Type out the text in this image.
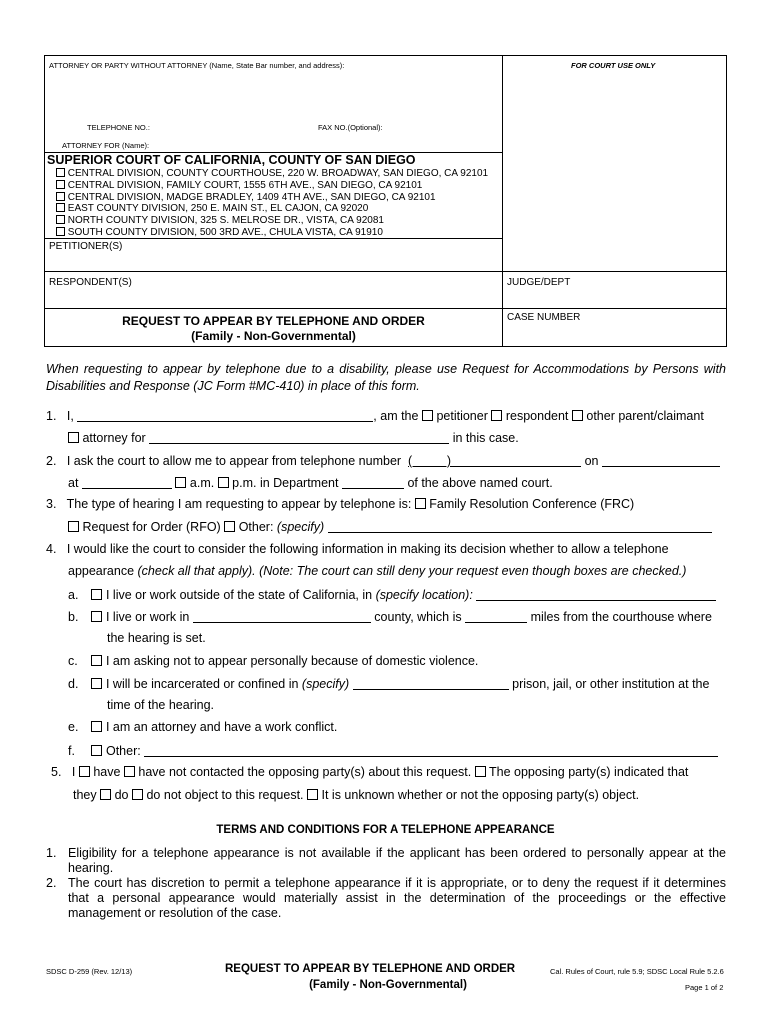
ATTORNEY OR PARTY WITHOUT ATTORNEY (Name, State Bar number, and address):	FOR COURT USE ONLY
TELEPHONE NO.:	FAX NO.(Optional):
ATTORNEY FOR (Name):
SUPERIOR COURT OF CALIFORNIA, COUNTY OF SAN DIEGO
CENTRAL DIVISION, COUNTY COURTHOUSE, 220 W. BROADWAY, SAN DIEGO, CA 92101
CENTRAL DIVISION, FAMILY COURT, 1555 6TH AVE., SAN DIEGO, CA 92101
CENTRAL DIVISION, MADGE BRADLEY, 1409 4TH AVE., SAN DIEGO, CA 92101
EAST COUNTY DIVISION, 250 E. MAIN ST., EL CAJON, CA 92020
NORTH COUNTY DIVISION, 325 S. MELROSE DR., VISTA, CA 92081
SOUTH COUNTY DIVISION, 500 3RD AVE., CHULA VISTA, CA 91910
PETITIONER(S)
RESPONDENT(S)	JUDGE/DEPT
REQUEST TO APPEAR BY TELEPHONE AND ORDER
(Family - Non-Governmental)
CASE NUMBER
When requesting to appear by telephone due to a disability, please use Request for Accommodations by Persons with Disabilities and Response (JC Form #MC-410) in place of this form.
1. I,	, am the petitioner respondent other parent/claimant
attorney for	in this case.
2. I ask the court to allow me to appear from telephone number (          )	on
at	a.m. p.m. in Department	of the above named court.
3. The type of hearing I am requesting to appear by telephone is: Family Resolution Conference (FRC)
Request for Order (RFO) Other: (specify)
4. I would like the court to consider the following information in making its decision whether to allow a telephone
appearance (check all that apply). (Note: The court can still deny your request even though boxes are checked.)
a. I live or work outside of the state of California, in (specify location):
b. I live or work in	county, which is	miles from the courthouse where
the hearing is set.
c. I am asking not to appear personally because of domestic violence.
d. I will be incarcerated or confined in (specify)	prison, jail, or other institution at the
time of the hearing.
e. I am an attorney and have a work conflict.
f. Other:
5. I have have not contacted the opposing party(s) about this request. The opposing party(s) indicated that
they do do not object to this request. It is unknown whether or not the opposing party(s) object.
TERMS AND CONDITIONS FOR A TELEPHONE APPEARANCE
1. Eligibility for a telephone appearance is not available if the applicant has been ordered to personally appear at the hearing.
2. The court has discretion to permit a telephone appearance if it is appropriate, or to deny the request if it determines that a personal appearance would materially assist in the determination of the proceedings or the effective management or resolution of the case.
SDSC D-259 (Rev. 12/13)	REQUEST TO APPEAR BY TELEPHONE AND ORDER
(Family - Non-Governmental)
Cal. Rules of Court, rule 5.9; SDSC Local Rule 5.2.6
Page 1 of 2
